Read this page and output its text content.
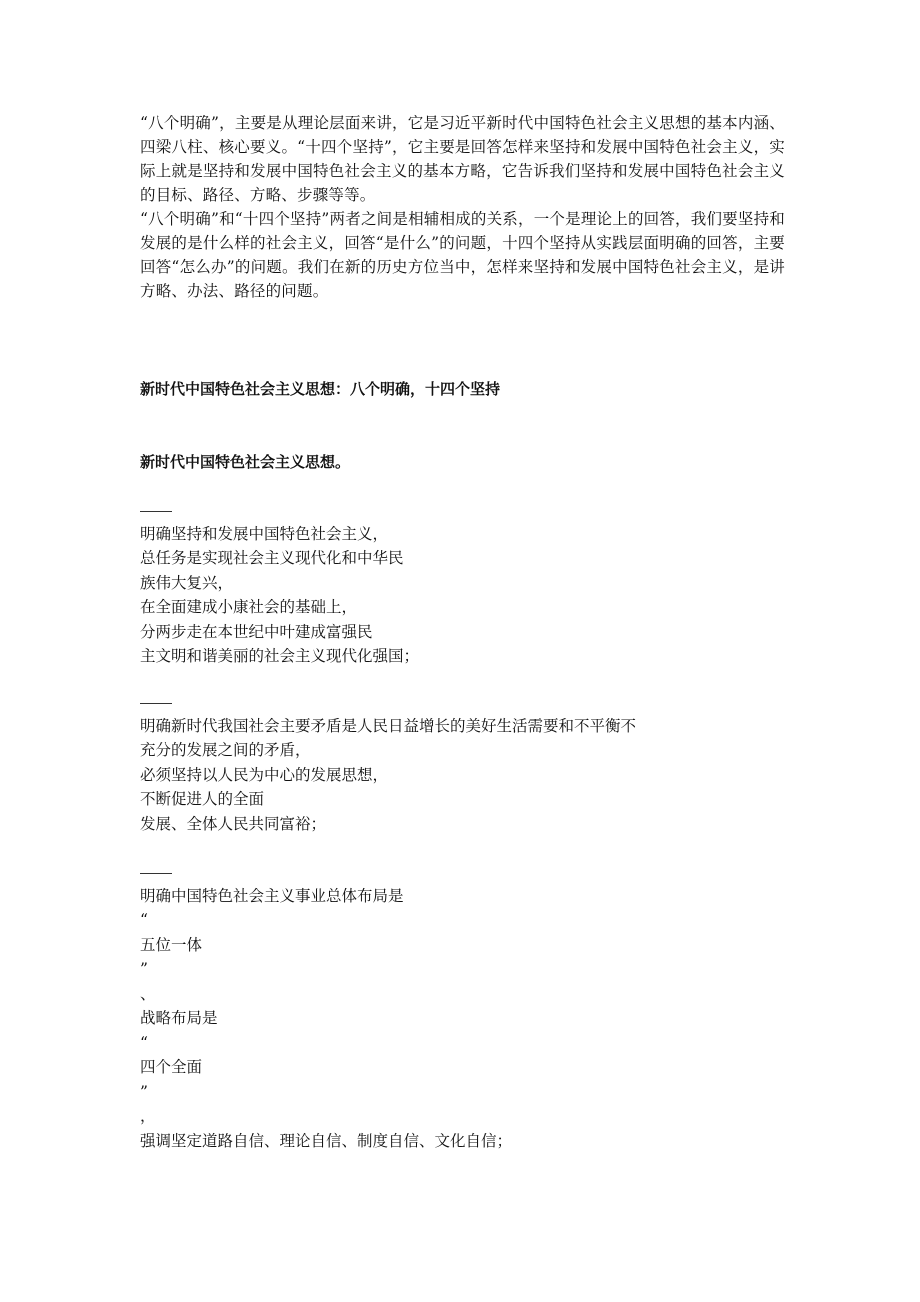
“八个明确”，主要是从理论层面来讲，它是习近平新时代中国特色社会主义思想的基本内涵、四梁八柱、核心要义。“十四个坚持”，它主要是回答怎样来坚持和发展中国特色社会主义，实际上就是坚持和发展中国特色社会主义的基本方略，它告诉我们坚持和发展中国特色社会主义的目标、路径、方略、步骤等等。

“八个明确”和“十四个坚持”两者之间是相辅相成的关系，一个是理论上的回答，我们要坚持和发展的是什么样的社会主义，回答“是什么”的问题，十四个坚持从实践层面明确的回答，主要回答“怎么办”的问题。我们在新的历史方位当中，怎样来坚持和发展中国特色社会主义，是讲方略、办法、路径的问题。

新时代中国特色社会主义思想：八个明确，十四个坚持
新时代中国特色社会主义思想。
明确坚持和发展中国特色社会主义，
总任务是实现社会主义现代化和中华民
族伟大复兴，
在全面建成小康社会的基础上，
分两步走在本世纪中叶建成富强民
主文明和谐美丽的社会主义现代化强国；
明确新时代我国社会主要矛盾是人民日益增长的美好生活需要和不平衡不
充分的发展之间的矛盾，
必须坚持以人民为中心的发展思想，
不断促进人的全面
发展、全体人民共同富裕；
明确中国特色社会主义事业总体布局是
“
五位一体
”
、
战略布局是
“
四个全面
”
，
强调坚定道路自信、理论自信、制度自信、文化自信；
